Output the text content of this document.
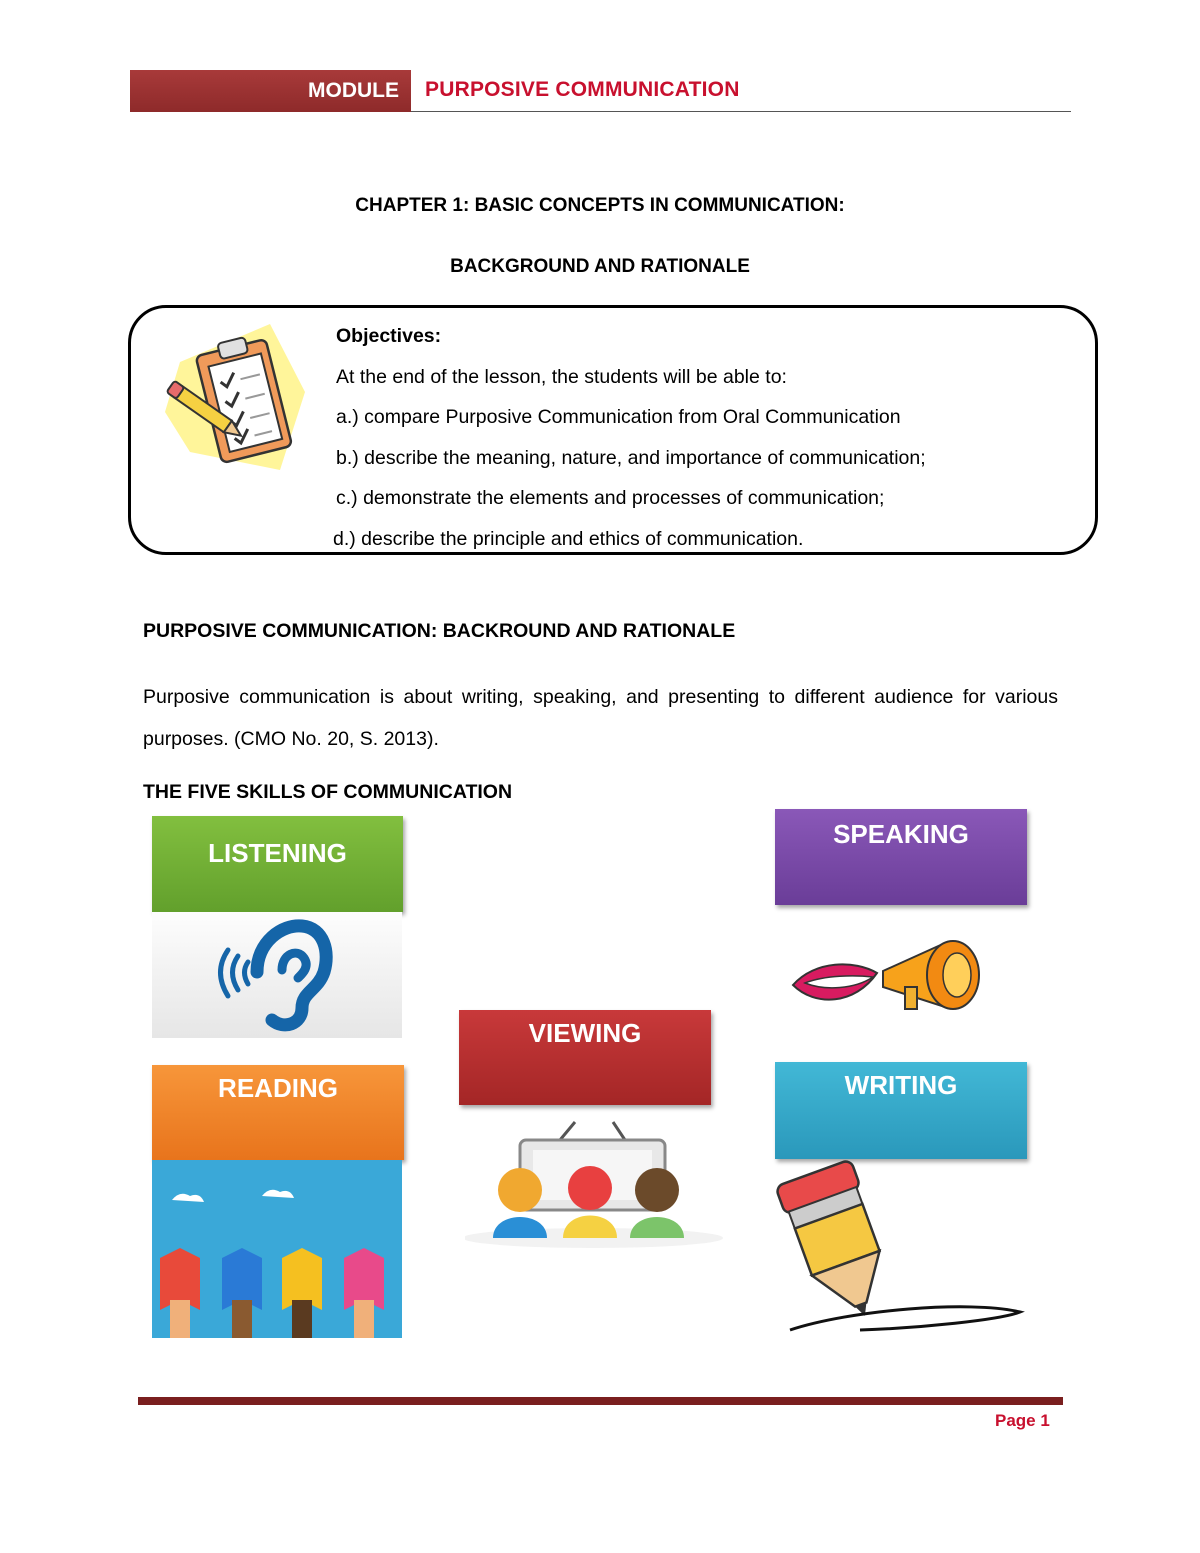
MODULE	PURPOSIVE COMMUNICATION
CHAPTER 1: BASIC CONCEPTS IN COMMUNICATION:
BACKGROUND AND RATIONALE
Objectives:
At the end of the lesson, the students will be able to:
a.) compare Purposive Communication from Oral Communication
b.) describe the meaning, nature, and importance of communication;
c.) demonstrate the elements and processes of communication;
d.) describe the principle and ethics of communication.
PURPOSIVE COMMUNICATION: BACKROUND AND RATIONALE
Purposive communication is about writing, speaking, and presenting to different audience for various purposes. (CMO No. 20, S. 2013).
THE FIVE SKILLS OF COMMUNICATION
LISTENING
SPEAKING
VIEWING
READING	WRITING
Page 1
